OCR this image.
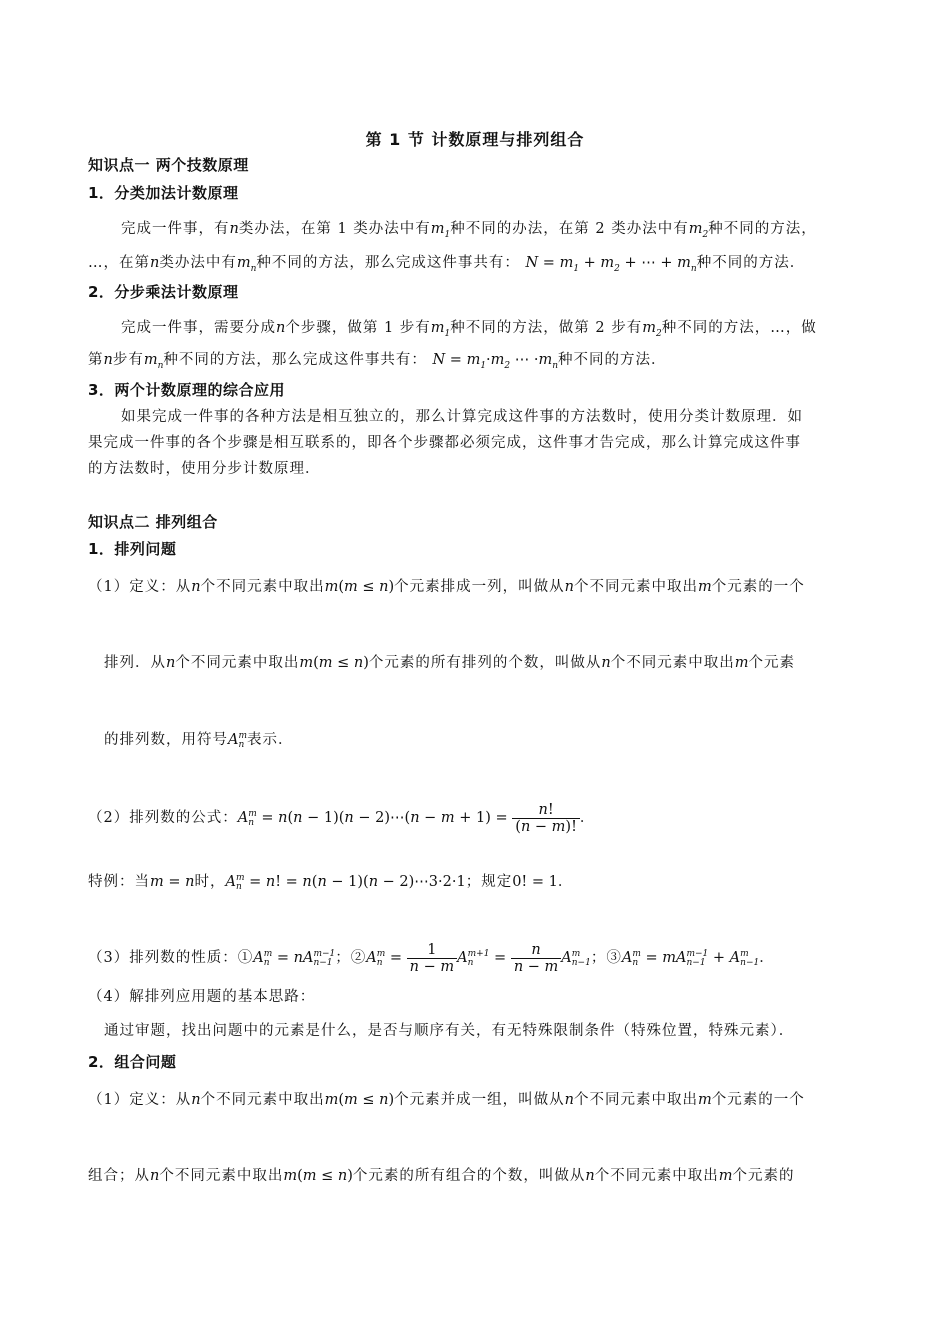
第 1 节 计数原理与排列组合
知识点一 两个技数原理
1．分类加法计数原理
完成一件事，有n类办法，在第 1 类办法中有$m_1$种不同的办法，在第 2 类办法中有$m_2$种不同的方法，
…，在第n类办法中有$m_n$种不同的方法，那么完成这件事共有： $N = m_1 + m_2$ + ⋯ + $m_n$种不同的方法．
2．分步乘法计数原理
完成一件事，需要分成n个步骤，做第 1 步有$m_1$种不同的方法，做第 2 步有$m_2$种不同的方法，…，做
第n步有$m_n$种不同的方法，那么完成这件事共有： $N = m_1\cdot m_2$ ⋯ $\cdot m_n$种不同的方法．
3．两个计数原理的综合应用
如果完成一件事的各种方法是相互独立的，那么计算完成这件事的方法数时，使用分类计数原理．如
果完成一件事的各个步骤是相互联系的，即各个步骤都必须完成，这件事才告完成，那么计算完成这件事
的方法数时，使用分步计数原理．
知识点二 排列组合
1．排列问题
（1）定义：从n个不同元素中取出m(m ≤ n)个元素排成一列，叫做从n个不同元素中取出m个元素的一个
排列．从n个不同元素中取出m(m ≤ n)个元素的所有排列的个数，叫做从n个不同元素中取出m个元素
的排列数，用符号A m
n 表示．
（2）排列数的公式：A m
n = n(n − 1)(n − 2)⋯(n − $m + 1) = \frac{n!}{(n - m)!}$ ．
特例：当m = n时，A m
n = n! = n(n − 1)(n − 2)⋯3·2·1；规定0! = 1．
（3）排列数的性质：①A m
n = nA m−1
n−1 ；②A m
$n = \frac{1}{n - m}$ A m+1
n	= $\frac{n}{n - m}$ A m
n−1 ；③A m
n = mA m−1
n−1 + A m
n−1 ．
（4）解排列应用题的基本思路：
通过审题，找出问题中的元素是什么，是否与顺序有关，有无特殊限制条件（特殊位置，特殊元素）．
2．组合问题
（1）定义：从n个不同元素中取出m(m ≤ n)个元素并成一组，叫做从n个不同元素中取出m个元素的一个
组合；从n个不同元素中取出m(m ≤ n)个元素的所有组合的个数，叫做从n个不同元素中取出m个元素的
